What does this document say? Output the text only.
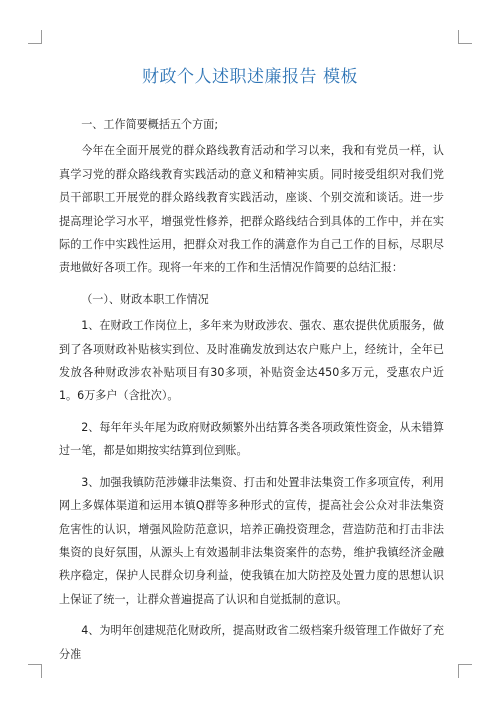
财政个人述职述廉报告 模板

一、工作简要概括五个方面;

今年在全面开展党的群众路线教育活动和学习以来，我和有党员一样，认真学习党的群众路线教育实践活动的意义和精神实质。同时接受组织对我们党员干部职工开展党的群众路线教育实践活动，座谈、个别交流和谈话。进一步提高理论学习水平，增强党性修养，把群众路线结合到具体的工作中，并在实际的工作中实践性运用，把群众对我工作的满意作为自己工作的目标，尽职尽责地做好各项工作。现将一年来的工作和生活情况作简要的总结汇报：

（一）、财政本职工作情况

1、在财政工作岗位上，多年来为财政涉农、强农、惠农提供优质服务，做到了各项财政补贴核实到位、及时准确发放到达农户账户上，经统计，全年已发放各种财政涉农补贴项目有30多项，补贴资金达450多万元，受惠农户近1。6万多户（含批次）。

2、每年年头年尾为政府财政频繁外出结算各类各项政策性资金，从未错算过一笔，都是如期按实结算到位到账。

3、加强我镇防范涉嫌非法集资、打击和处置非法集资工作多项宣传，利用网上多媒体渠道和运用本镇Q群等多种形式的宣传，提高社会公众对非法集资危害性的认识，增强风险防范意识，培养正确投资理念，营造防范和打击非法集资的良好氛围，从源头上有效遏制非法集资案件的态势，维护我镇经济金融秩序稳定，保护人民群众切身利益，使我镇在加大防控及处置力度的思想认识上保证了统一，让群众普遍提高了认识和自觉抵制的意识。

4、为明年创建规范化财政所，提高财政省二级档案升级管理工作做好了充分准
